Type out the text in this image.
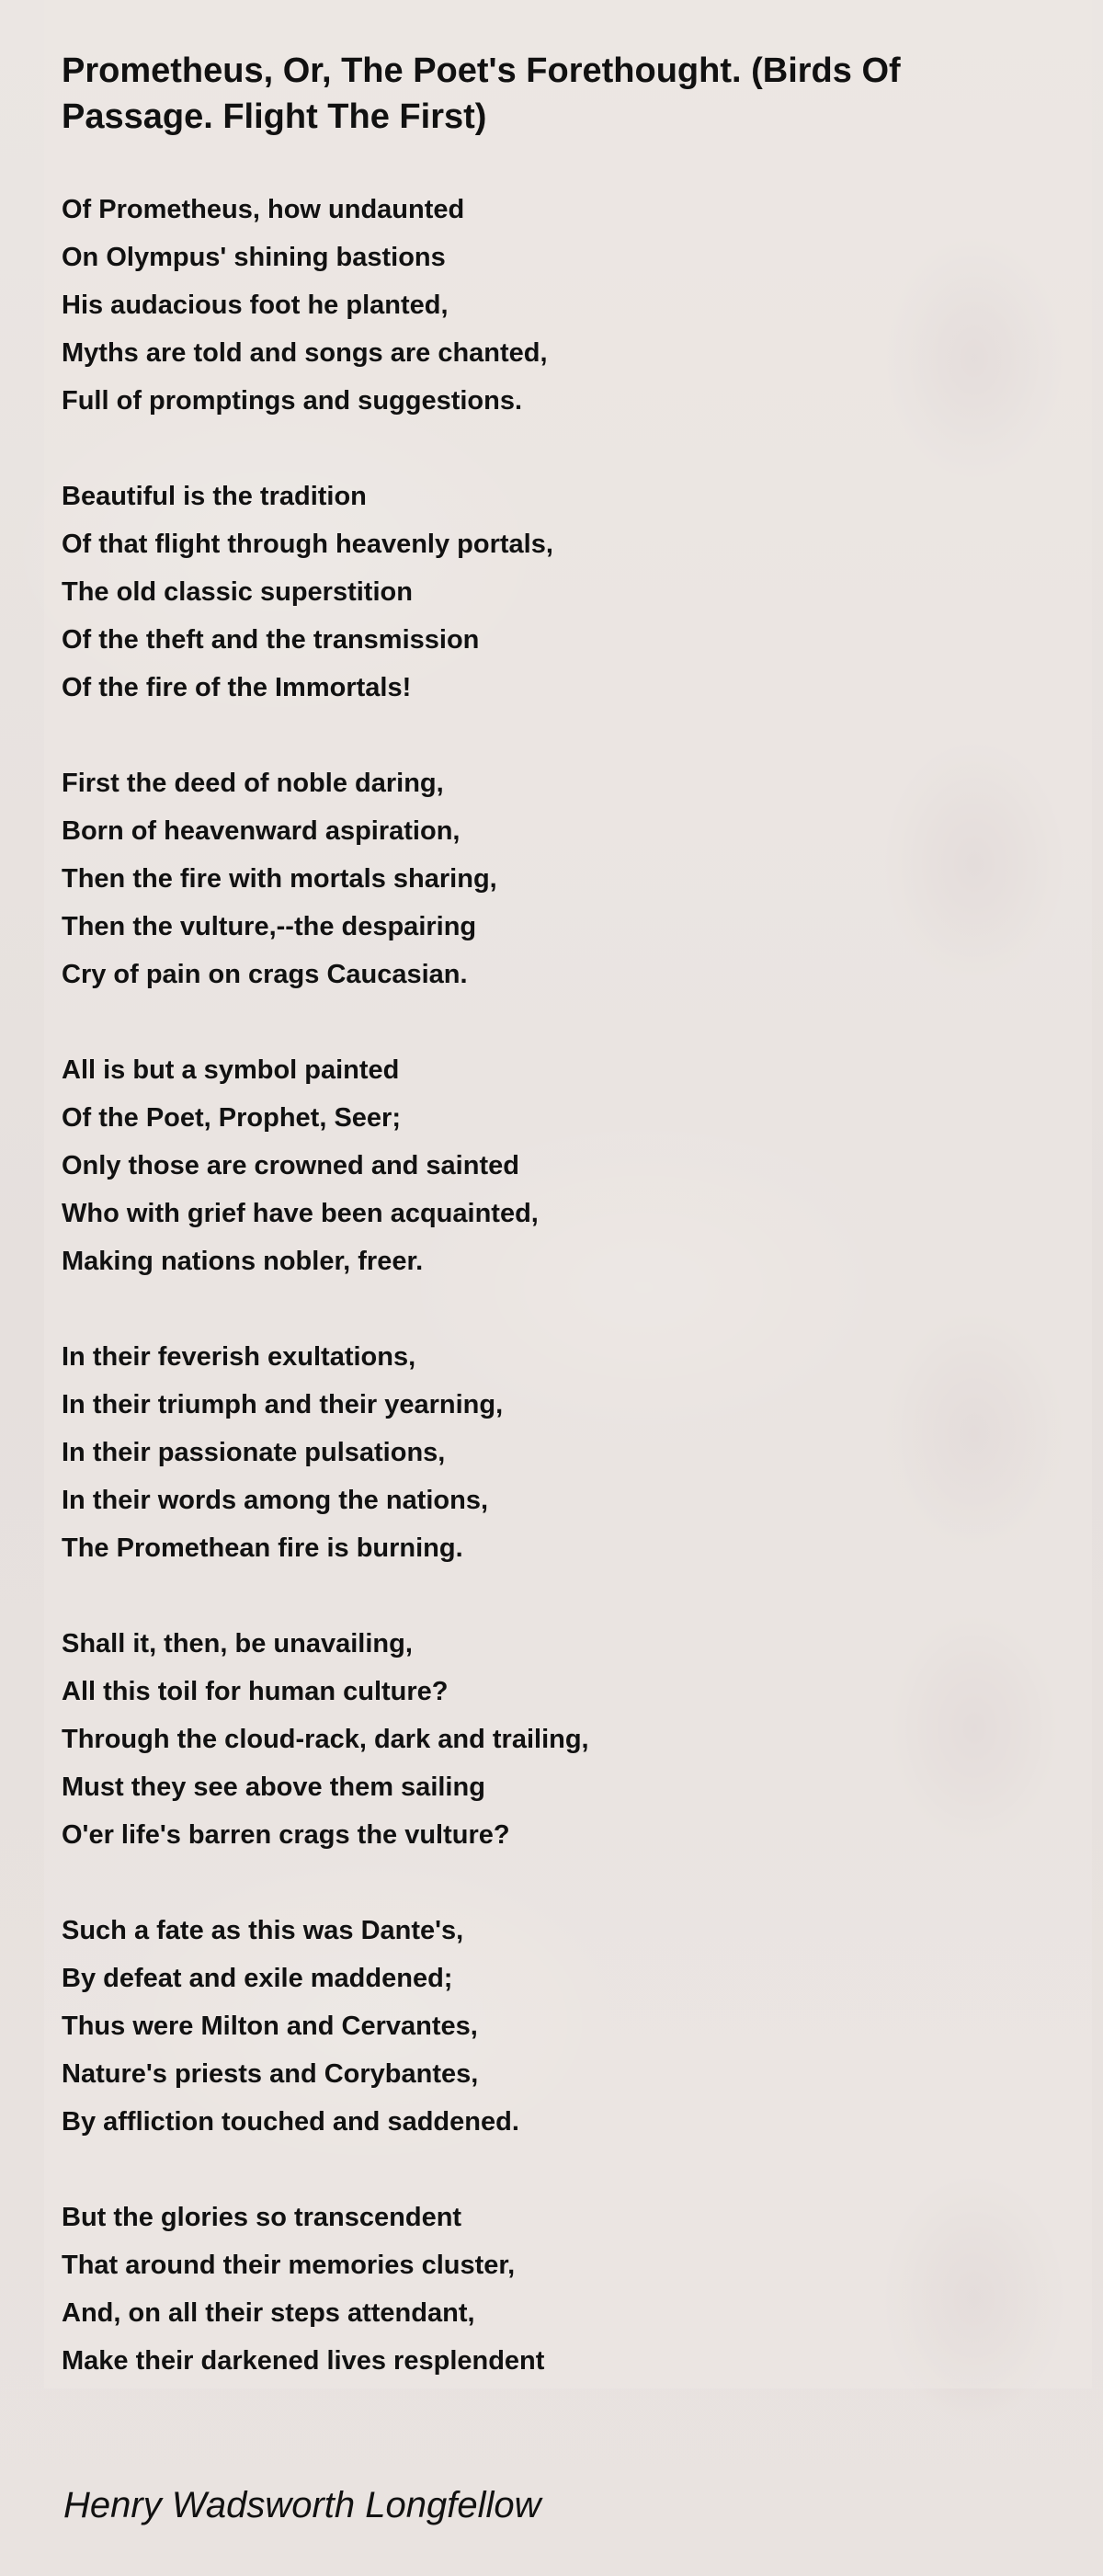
Prometheus, Or, The Poet's Forethought. (Birds Of Passage. Flight The First)
Of Prometheus, how undaunted
On Olympus' shining bastions
His audacious foot he planted,
Myths are told and songs are chanted,
Full of promptings and suggestions.
Beautiful is the tradition
Of that flight through heavenly portals,
The old classic superstition
Of the theft and the transmission
Of the fire of the Immortals!
First the deed of noble daring,
Born of heavenward aspiration,
Then the fire with mortals sharing,
Then the vulture,--the despairing
Cry of pain on crags Caucasian.
All is but a symbol painted
Of the Poet, Prophet, Seer;
Only those are crowned and sainted
Who with grief have been acquainted,
Making nations nobler, freer.
In their feverish exultations,
In their triumph and their yearning,
In their passionate pulsations,
In their words among the nations,
The Promethean fire is burning.
Shall it, then, be unavailing,
All this toil for human culture?
Through the cloud-rack, dark and trailing,
Must they see above them sailing
O'er life's barren crags the vulture?
Such a fate as this was Dante's,
By defeat and exile maddened;
Thus were Milton and Cervantes,
Nature's priests and Corybantes,
By affliction touched and saddened.
But the glories so transcendent
That around their memories cluster,
And, on all their steps attendant,
Make their darkened lives resplendent

Henry Wadsworth Longfellow
